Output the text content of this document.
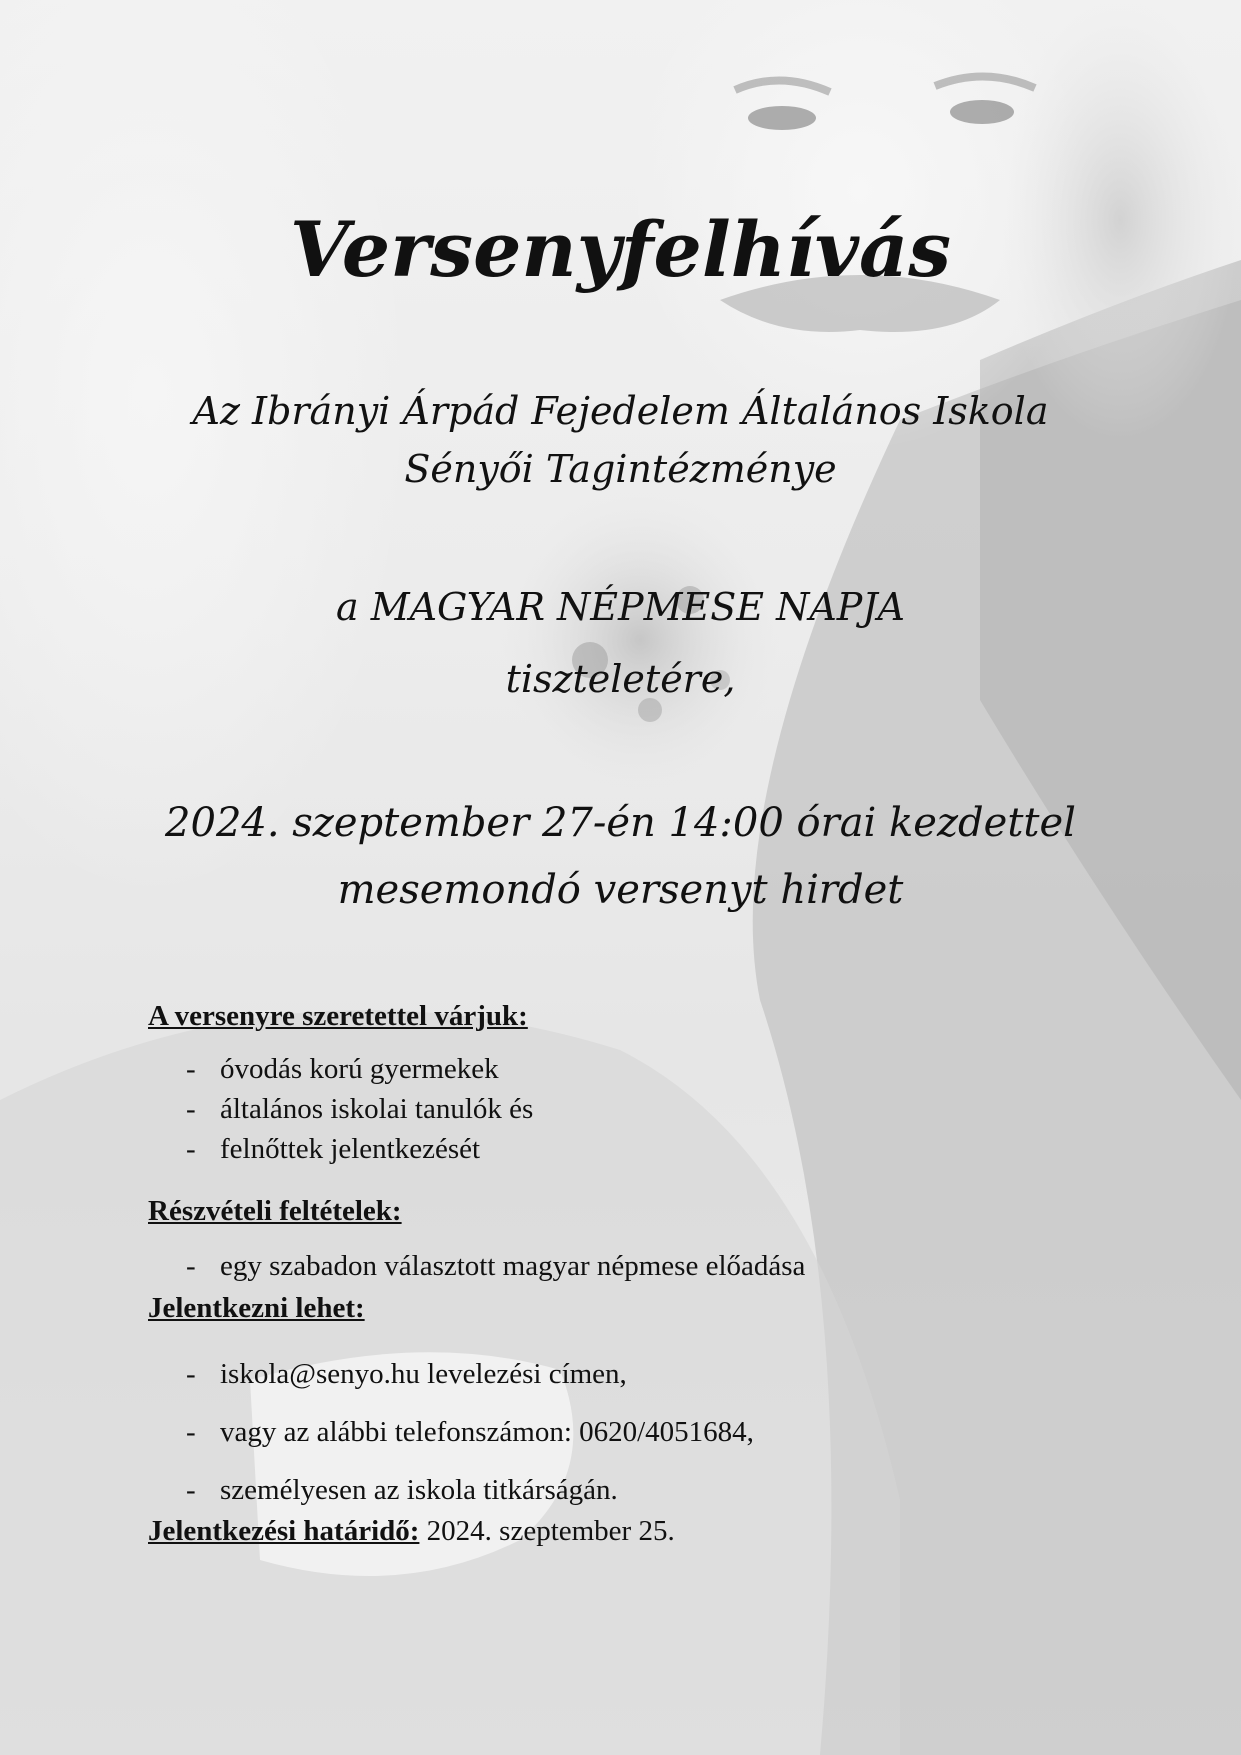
Versenyfelhívás

Az Ibrányi Árpád Fejedelem Általános Iskola

Sényői Tagintézménye

a MAGYAR NÉPMESE NAPJA

tiszteletére,

2024. szeptember 27-én 14:00 órai kezdettel

mesemondó versenyt hirdet

A versenyre szeretettel várjuk:
- óvodás korú gyermekek
- általános iskolai tanulók és
- felnőttek jelentkezését
Részvételi feltételek:
- egy szabadon választott magyar népmese előadása
Jelentkezni lehet:
- iskola@senyo.hu levelezési címen,
- vagy az alábbi telefonszámon: 0620/4051684,
- személyesen az iskola titkárságán.
Jelentkezési határidő: 2024. szeptember 25.
